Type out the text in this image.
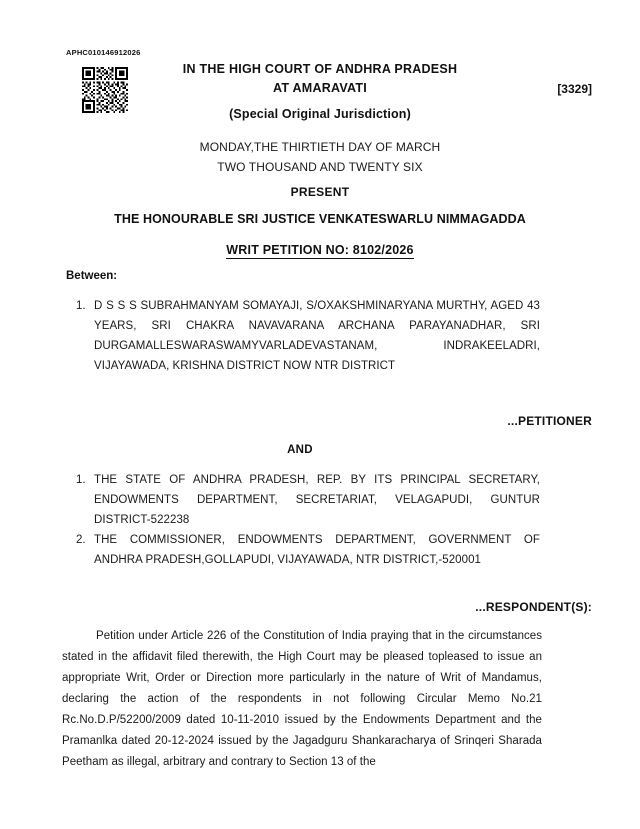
APHC010146912026
IN THE HIGH COURT OF ANDHRA PRADESH
AT AMARAVATI
(Special Original Jurisdiction)
[3329]
MONDAY,THE THIRTIETH DAY OF MARCH
TWO THOUSAND AND TWENTY SIX
PRESENT
THE HONOURABLE SRI JUSTICE VENKATESWARLU NIMMAGADDA
WRIT PETITION NO: 8102/2026
Between:
1. D S S S SUBRAHMANYAM SOMAYAJI, S/OXAKSHMINARYANA MURTHY, AGED 43 YEARS, SRI CHAKRA NAVAVARANA ARCHANA PARAYANADHAR, SRI DURGAMALLESWARASWAMYVARLADEVASTANAM, INDRAKEELADRI, VIJAYAWADA, KRISHNA DISTRICT NOW NTR DISTRICT
...PETITIONER
AND
1. THE STATE OF ANDHRA PRADESH, REP. BY ITS PRINCIPAL SECRETARY, ENDOWMENTS DEPARTMENT, SECRETARIAT, VELAGAPUDI, GUNTUR DISTRICT-522238
2. THE COMMISSIONER, ENDOWMENTS DEPARTMENT, GOVERNMENT OF ANDHRA PRADESH,GOLLAPUDI, VIJAYAWADA, NTR DISTRICT,-520001
...RESPONDENT(S):
Petition under Article 226 of the Constitution of India praying that in the circumstances stated in the affidavit filed therewith, the High Court may be pleased topleased to issue an appropriate Writ, Order or Direction more particularly in the nature of Writ of Mandamus, declaring the action of the respondents in not following Circular Memo No.21 Rc.No.D.P/52200/2009 dated 10-11-2010 issued by the Endowments Department and the Pramanlka dated 20-12-2024 issued by the Jagadguru Shankaracharya of Srinqeri Sharada Peetham as illegal, arbitrary and contrary to Section 13 of the
